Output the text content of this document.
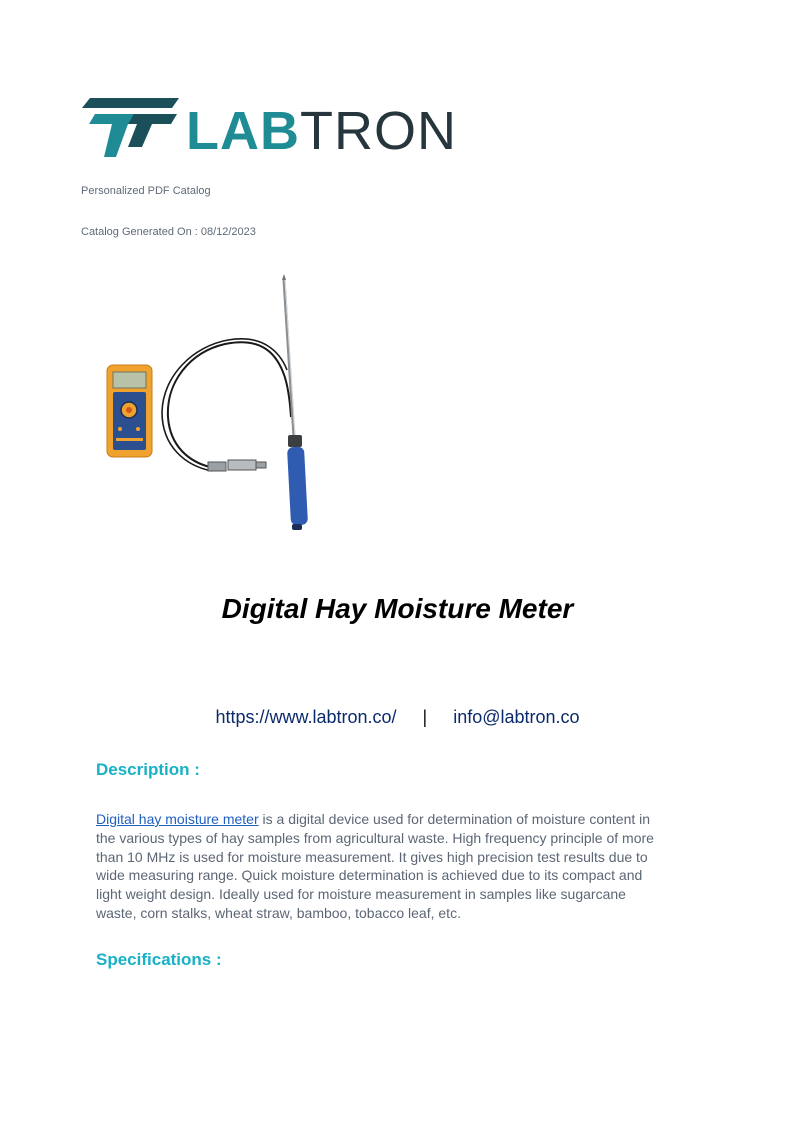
LABTRON
Personalized PDF Catalog
Catalog Generated On : 08/12/2023
Digital Hay Moisture Meter
https://www.labtron.co/ | info@labtron.co
Description :
Digital hay moisture meter is a digital device used for determination of moisture content in the various types of hay samples from agricultural waste. High frequency principle of more than 10 MHz is used for moisture measurement. It gives high precision test results due to wide measuring range. Quick moisture determination is achieved due to its compact and light weight design. Ideally used for moisture measurement in samples like sugarcane waste, corn stalks, wheat straw, bamboo, tobacco leaf, etc.
Specifications :
